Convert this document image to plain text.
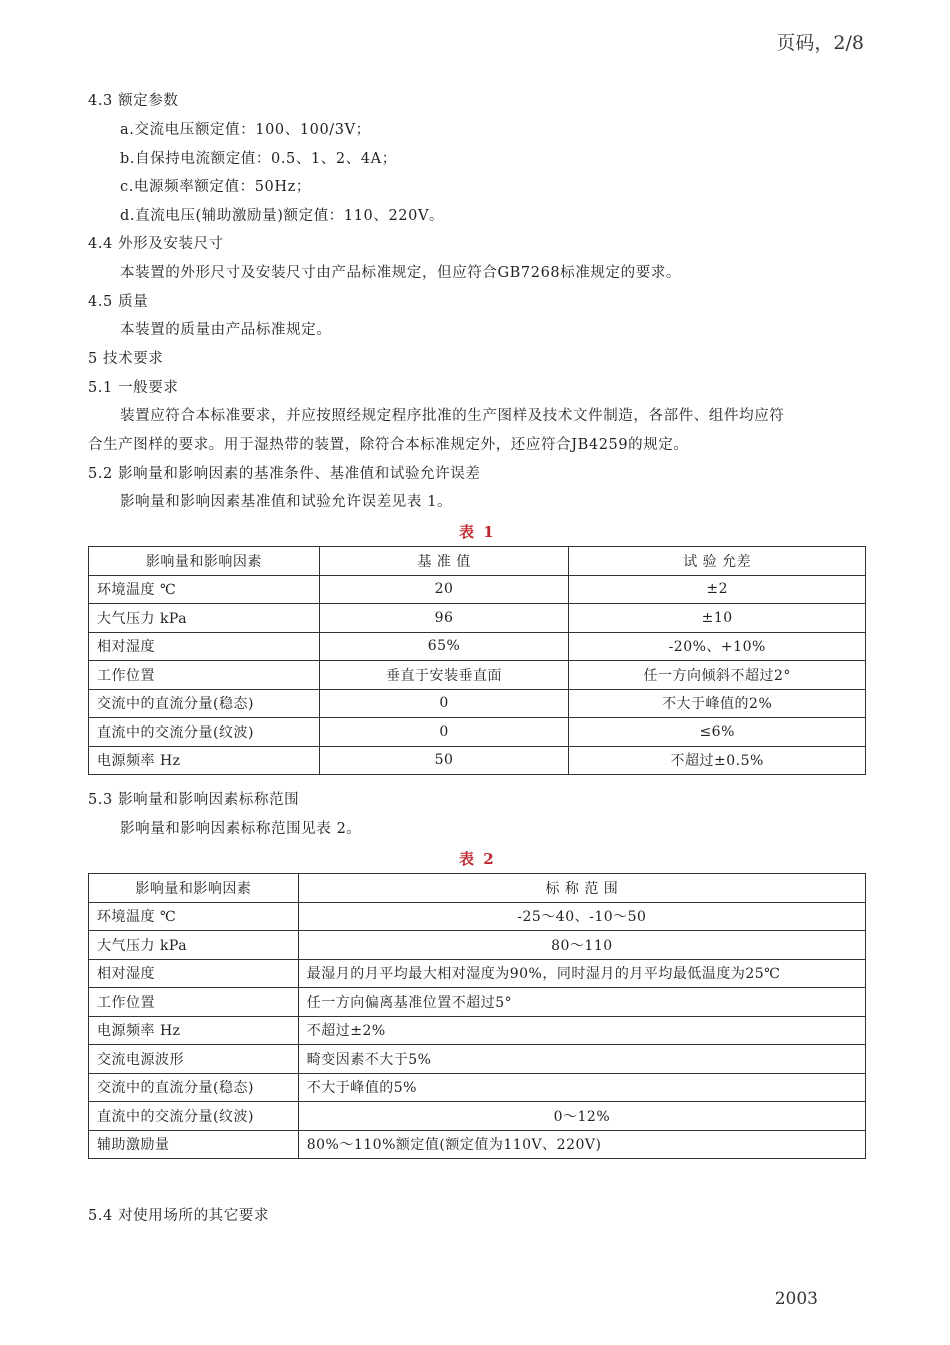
页码，2/8
4.3 额定参数
a.交流电压额定值：100、100/3V；
b.自保持电流额定值：0.5、1、2、4A；
c.电源频率额定值：50Hz；
d.直流电压(辅助激励量)额定值：110、220V。
4.4 外形及安装尺寸
本装置的外形尺寸及安装尺寸由产品标准规定，但应符合GB7268标准规定的要求。
4.5 质量
本装置的质量由产品标准规定。
5 技术要求
5.1 一般要求
装置应符合本标准要求，并应按照经规定程序批准的生产图样及技术文件制造，各部件、组件均应符
合生产图样的要求。用于湿热带的装置，除符合本标准规定外，还应符合JB4259的规定。
5.2 影响量和影响因素的基准条件、基准值和试验允许误差
影响量和影响因素基准值和试验允许误差见表 1。
表 1
影响量和影响因素	基 准 值	试 验 允差
环境温度 ℃	20	±2
大气压力 kPa	96	±10
相对湿度	65%	-20%、+10%
工作位置	垂直于安装垂直面	任一方向倾斜不超过2°
交流中的直流分量(稳态)	0	不大于峰值的2%
直流中的交流分量(纹波)	0	≤6%
电源频率 Hz	50	不超过±0.5%
5.3 影响量和影响因素标称范围
影响量和影响因素标称范围见表 2。
表 2
影响量和影响因素	标 称 范 围
环境温度 ℃	-25～40、-10～50
大气压力 kPa	80～110
相对湿度	最湿月的月平均最大相对湿度为90%，同时湿月的月平均最低温度为25℃
工作位置	任一方向偏离基准位置不超过5°
电源频率 Hz	不超过±2%
交流电源波形	畸变因素不大于5%
交流中的直流分量(稳态)	不大于峰值的5%
直流中的交流分量(纹波)	0～12%
辅助激励量	80%～110%额定值(额定值为110V、220V)
5.4 对使用场所的其它要求
2003
